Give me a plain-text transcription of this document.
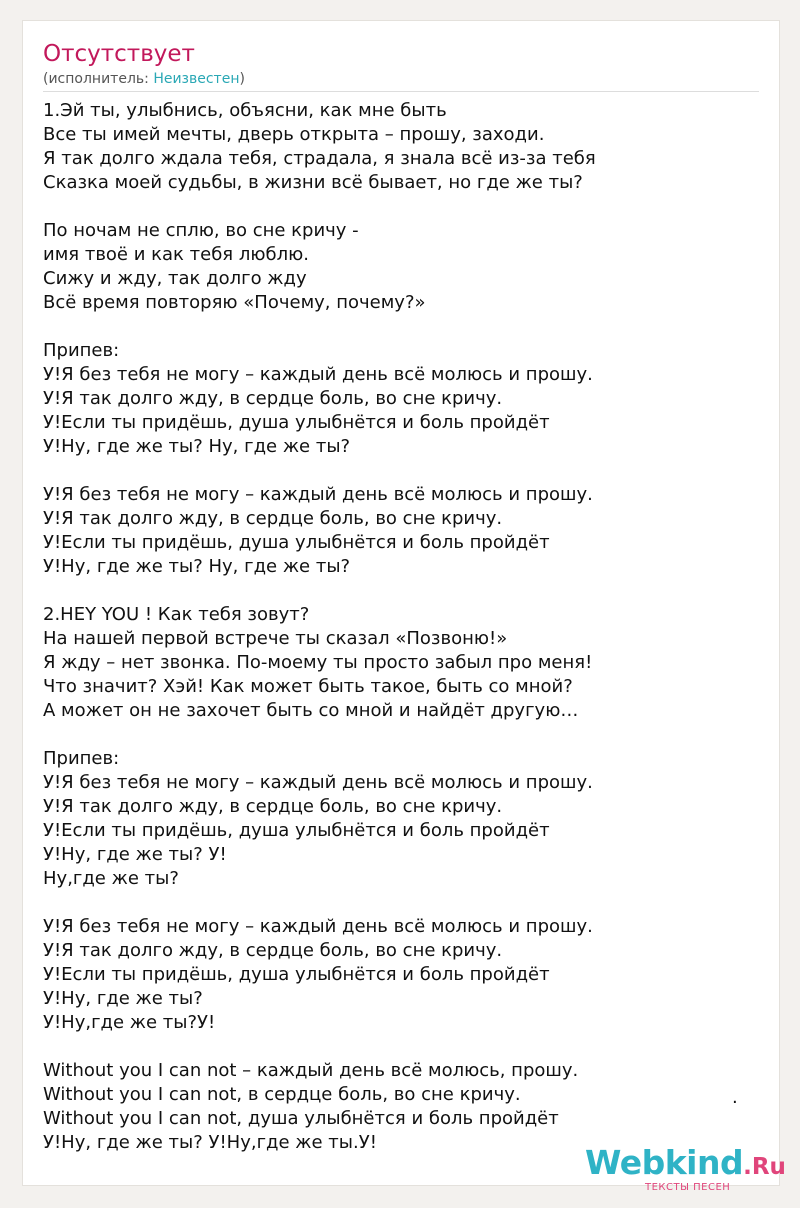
Отсутствует
(исполнитель: Неизвестен)
1.Эй ты, улыбнись, объясни, как мне быть
Все ты имей мечты, дверь открыта – прошу, заходи.
Я так долго ждала тебя, страдала, я знала всё из-за тебя
Сказка моей судьбы, в жизни всё бывает, но где же ты?
По ночам не сплю, во сне кричу -
имя твоё и как тебя люблю.
Сижу и жду, так долго жду
Всё время повторяю «Почему, почему?»
Припев:
У!Я без тебя не могу – каждый день всё молюсь и прошу.
У!Я так долго жду, в сердце боль, во сне кричу.
У!Если ты придёшь, душа улыбнётся и боль пройдёт
У!Ну, где же ты? Ну, где же ты?
У!Я без тебя не могу – каждый день всё молюсь и прошу.
У!Я так долго жду, в сердце боль, во сне кричу.
У!Если ты придёшь, душа улыбнётся и боль пройдёт
У!Ну, где же ты? Ну, где же ты?
2.HEY YOU ! Как тебя зовут?
На нашей первой встрече ты сказал «Позвоню!»
Я жду – нет звонка. По-моему ты просто забыл про меня!
Что значит? Хэй! Как может быть такое, быть со мной?
А может он не захочет быть со мной и найдёт другую…
Припев:
У!Я без тебя не могу – каждый день всё молюсь и прошу.
У!Я так долго жду, в сердце боль, во сне кричу.
У!Если ты придёшь, душа улыбнётся и боль пройдёт
У!Ну, где же ты? У!
Ну,где же ты?
У!Я без тебя не могу – каждый день всё молюсь и прошу.
У!Я так долго жду, в сердце боль, во сне кричу.
У!Если ты придёшь, душа улыбнётся и боль пройдёт
У!Ну, где же ты?
У!Ну,где же ты?У!
Without you I can not – каждый день всё молюсь, прошу.
Without you I can not, в сердце боль, во сне кричу.
Without you I can not, душа улыбнётся и боль пройдёт
У!Ну, где же ты? У!Ну,где же ты.У!
.
Webkind.Ru
ТЕКСТЫ ПЕСЕН
